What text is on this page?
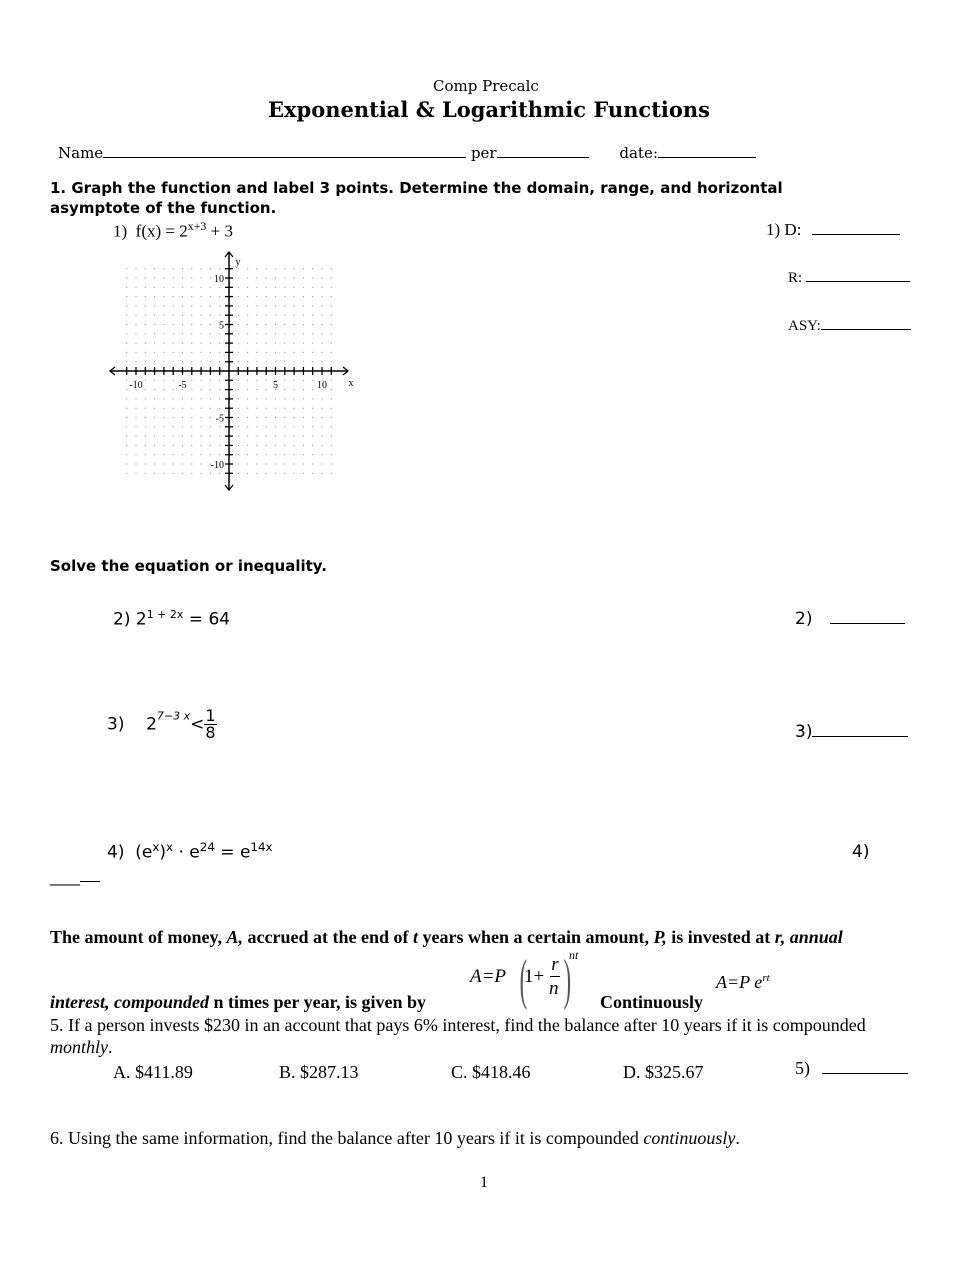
Comp Precalc
Exponential & Logarithmic Functions
Name	per	date:
1. Graph the function and label 3 points. Determine the domain, range, and horizontal asymptote of the function.
1) $f(x) = 2^{x+3} + 3$	1) D:
R:
ASY:
-10	-5	5	10
10
5
-5
-10
x
y
Solve the equation or inequality.
2) $2^{1 + 2x} = 64$	2)
3) $2^{7-3 x}< \frac{1}{8}$	3)
4) $(e^x)^x \cdot e^{24} = e^{14x}$	4)
____
The amount of money, A, accrued at the end of t years when a certain amount, P, is invested at r, annual
interest, compounded n times per year, is given by
A=P (
1+
r
n )
nt
Continuously
A=P $e^{rt}$
5. If a person invests $230 in an account that pays 6% interest, find the balance after 10 years if it is compounded
monthly.
A. $411.89	B. $287.13	C. $418.46	D. $325.67	5)
6. Using the same information, find the balance after 10 years if it is compounded continuously.
1
